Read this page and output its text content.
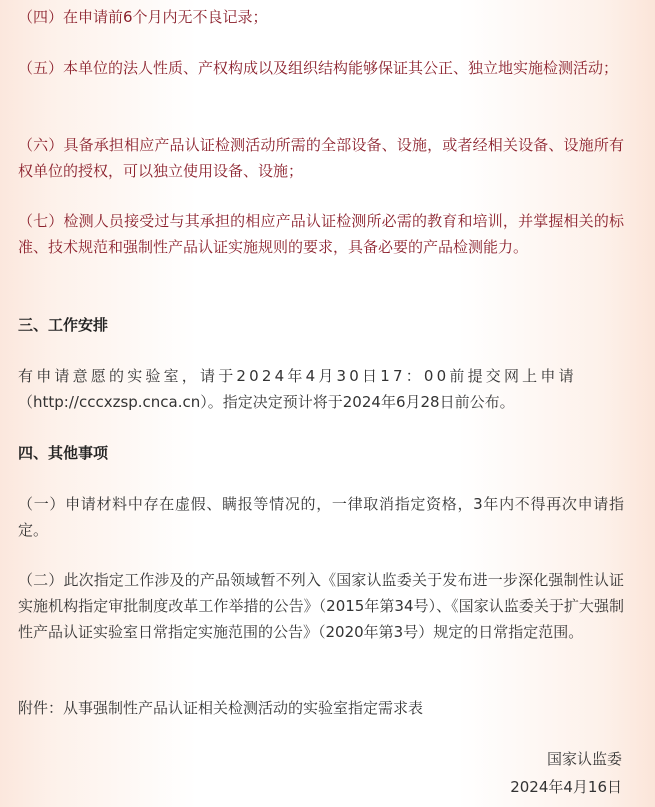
（四）在申请前6个月内无不良记录；

（五）本单位的法人性质、产权构成以及组织结构能够保证其公正、独立地实施检测活动；

（六）具备承担相应产品认证检测活动所需的全部设备、设施，或者经相关设备、设施所有权单位的授权，可以独立使用设备、设施；

（七）检测人员接受过与其承担的相应产品认证检测所必需的教育和培训，并掌握相关的标准、技术规范和强制性产品认证实施规则的要求，具备必要的产品检测能力。

三、工作安排

有申请意愿的实验室，请于2024年4月30日17：00前提交网上申请

（http://cccxzsp.cnca.cn）。指定决定预计将于2024年6月28日前公布。

四、其他事项

（一）申请材料中存在虚假、瞒报等情况的，一律取消指定资格，3年内不得再次申请指定。

（二）此次指定工作涉及的产品领域暂不列入《国家认监委关于发布进一步深化强制性认证实施机构指定审批制度改革工作举措的公告》（2015年第34号）、《国家认监委关于扩大强制性产品认证实验室日常指定实施范围的公告》（2020年第3号）规定的日常指定范围。

附件：从事强制性产品认证相关检测活动的实验室指定需求表

国家认监委

2024年4月16日
